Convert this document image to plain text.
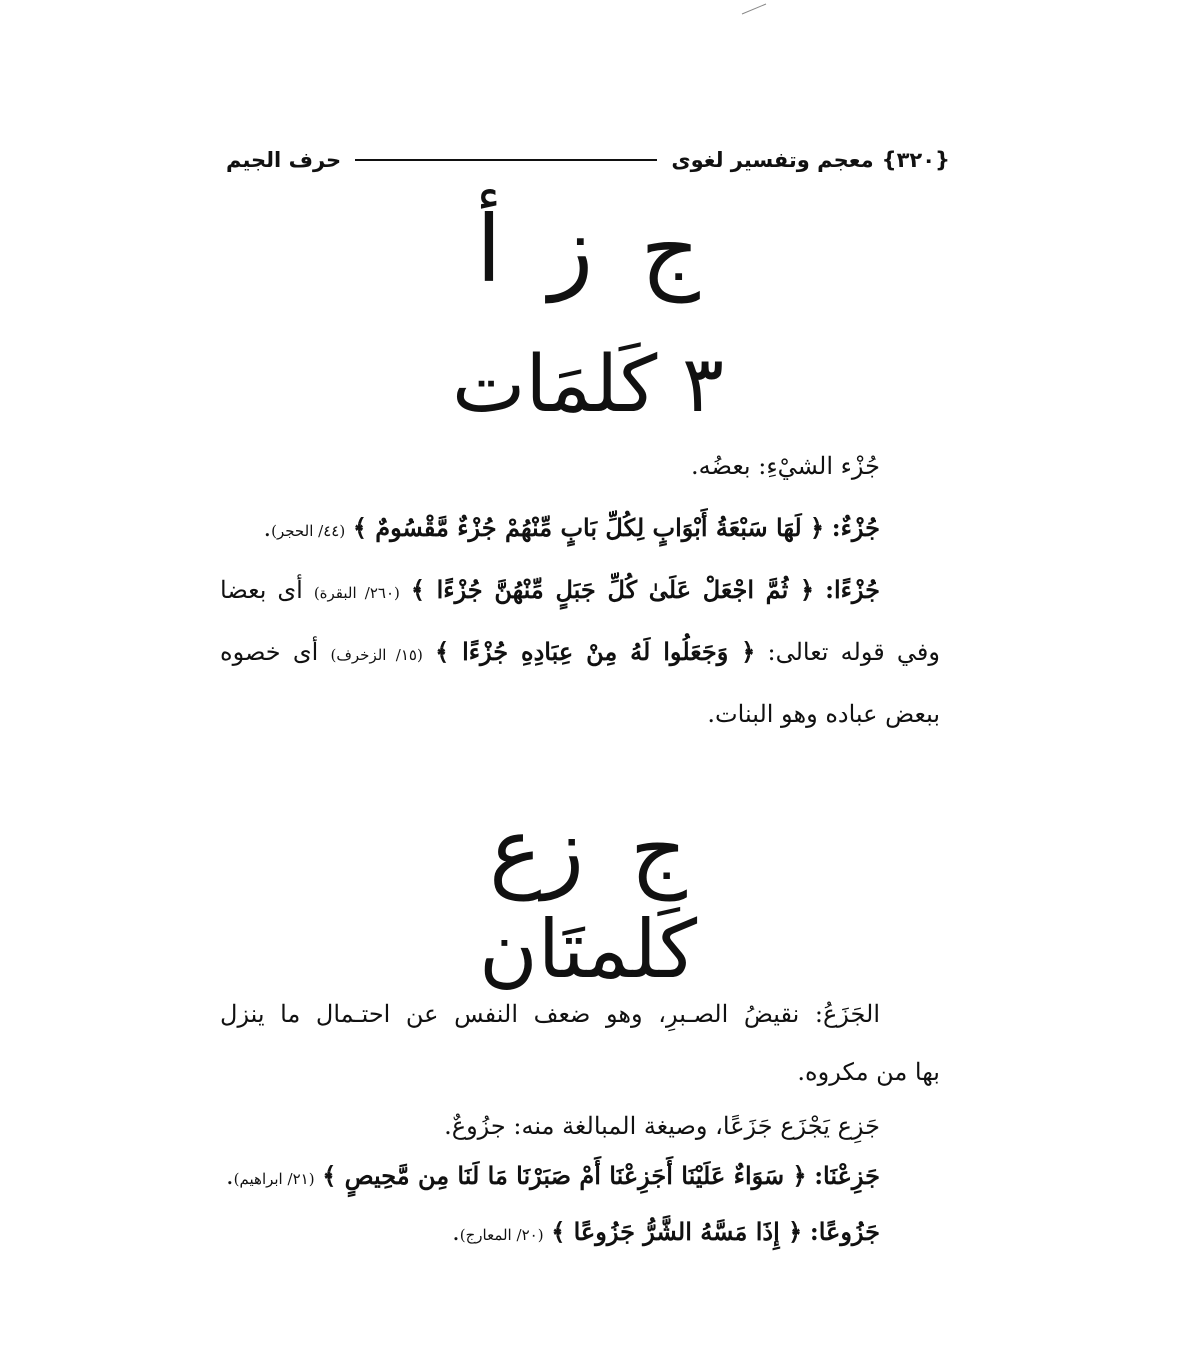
{٣٢٠}
معجم وتفسير لغوى
حرف الجيم
ج ز أ
٣ كَلمَات
جُزْء الشيْءِ: بعضُه.
جُزْءٌ: ﴿ لَهَا سَبْعَةُ أَبْوَابٍ لِكُلِّ بَابٍ مِّنْهُمْ جُزْءٌ مَّقْسُومٌ ﴾ (٤٤/ الحجر).
جُزْءًا: ﴿ ثُمَّ اجْعَلْ عَلَىٰ كُلِّ جَبَلٍ مِّنْهُنَّ جُزْءًا ﴾ (٢٦٠/ البقرة) أى بعضا
وفي قوله تعالى: ﴿ وَجَعَلُوا لَهُ مِنْ عِبَادِهِ جُزْءًا ﴾ (١٥/ الزخرف) أى خصوه
ببعض عباده وهو البنات.
ج زع
كَلمتَان
الجَزَعُ: نقيضُ الصـبرِ، وهو ضعف النفس عن احتـمال ما ينزل
بها من مكروه.
جَزِع يَجْزَع جَزَعًا، وصيغة المبالغة منه: جزُوعٌ.
جَزِعْنَا: ﴿ سَوَاءٌ عَلَيْنَا أَجَزِعْنَا أَمْ صَبَرْنَا مَا لَنَا مِن مَّحِيصٍ ﴾ (٢١/ ابراهيم).
جَزُوعًا: ﴿ إِذَا مَسَّهُ الشَّرُّ جَزُوعًا ﴾ (٢٠/ المعارج).
